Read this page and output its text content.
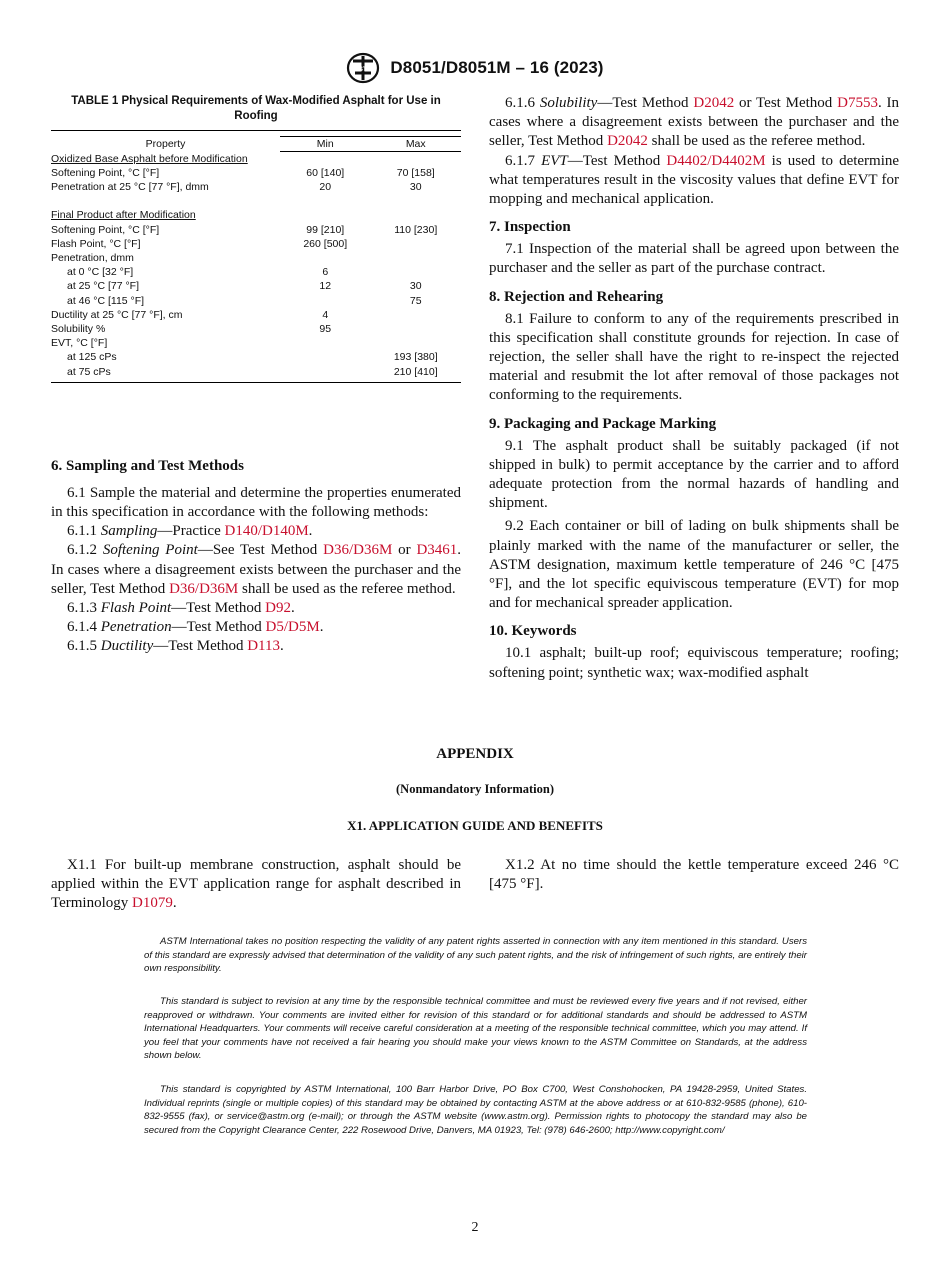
ASTM D8051/D8051M – 16 (2023)
TABLE 1 Physical Requirements of Wax-Modified Asphalt for Use in Roofing
Property		
	Min	Max
Oxidized Base Asphalt before Modification		
Softening Point, °C [°F]	60 [140]	70 [158]
Penetration at 25 °C [77 °F], dmm	20	30

Final Product after Modification		
Softening Point, °C [°F]	99 [210]	110 [230]
Flash Point, °C [°F]	260 [500]	
Penetration, dmm		
at 0 °C [32 °F]	6	
at 25 °C [77 °F]	12	30
at 46 °C [115 °F]		75
Ductility at 25 °C [77 °F], cm	4	
Solubility %	95	
EVT, °C [°F]		
at 125 cPs		193 [380]
at 75 cPs		210 [410]
6. Sampling and Test Methods

6.1 Sample the material and determine the properties enumerated in this specification in accordance with the following methods:

6.1.1 Sampling—Practice D140/D140M.

6.1.2 Softening Point—See Test Method D36/D36M or D3461. In cases where a disagreement exists between the purchaser and the seller, Test Method D36/D36M shall be used as the referee method.

6.1.3 Flash Point—Test Method D92.

6.1.4 Penetration—Test Method D5/D5M.

6.1.5 Ductility—Test Method D113.

6.1.6 Solubility—Test Method D2042 or Test Method D7553. In cases where a disagreement exists between the purchaser and the seller, Test Method D2042 shall be used as the referee method.

6.1.7 EVT—Test Method D4402/D4402M is used to determine what temperatures result in the viscosity values that define EVT for mopping and mechanical application.

7. Inspection

7.1 Inspection of the material shall be agreed upon between the purchaser and the seller as part of the purchase contract.

8. Rejection and Rehearing

8.1 Failure to conform to any of the requirements prescribed in this specification shall constitute grounds for rejection. In case of rejection, the seller shall have the right to re-inspect the rejected material and resubmit the lot after removal of those packages not conforming to the requirements.

9. Packaging and Package Marking

9.1 The asphalt product shall be suitably packaged (if not shipped in bulk) to permit acceptance by the carrier and to afford adequate protection from the normal hazards of handling and shipment.

9.2 Each container or bill of lading on bulk shipments shall be plainly marked with the name of the manufacturer or seller, the ASTM designation, maximum kettle temperature of 246 °C [475 °F], and the lot specific equiviscous temperature (EVT) for mop and for mechanical spreader application.

10. Keywords

10.1 asphalt; built-up roof; equiviscous temperature; roofing; softening point; synthetic wax; wax-modified asphalt

APPENDIX
(Nonmandatory Information)
X1. APPLICATION GUIDE AND BENEFITS

X1.1 For built-up membrane construction, asphalt should be applied within the EVT application range for asphalt described in Terminology D1079.

X1.2 At no time should the kettle temperature exceed 246 °C [475 °F].

ASTM International takes no position respecting the validity of any patent rights asserted in connection with any item mentioned in this standard. Users of this standard are expressly advised that determination of the validity of any such patent rights, and the risk of infringement of such rights, are entirely their own responsibility.

This standard is subject to revision at any time by the responsible technical committee and must be reviewed every five years and if not revised, either reapproved or withdrawn. Your comments are invited either for revision of this standard or for additional standards and should be addressed to ASTM International Headquarters. Your comments will receive careful consideration at a meeting of the responsible technical committee, which you may attend. If you feel that your comments have not received a fair hearing you should make your views known to the ASTM Committee on Standards, at the address shown below.

This standard is copyrighted by ASTM International, 100 Barr Harbor Drive, PO Box C700, West Conshohocken, PA 19428-2959, United States. Individual reprints (single or multiple copies) of this standard may be obtained by contacting ASTM at the above address or at 610-832-9585 (phone), 610-832-9555 (fax), or service@astm.org (e-mail); or through the ASTM website (www.astm.org). Permission rights to photocopy the standard may also be secured from the Copyright Clearance Center, 222 Rosewood Drive, Danvers, MA 01923, Tel: (978) 646-2600; http://www.copyright.com/

2
